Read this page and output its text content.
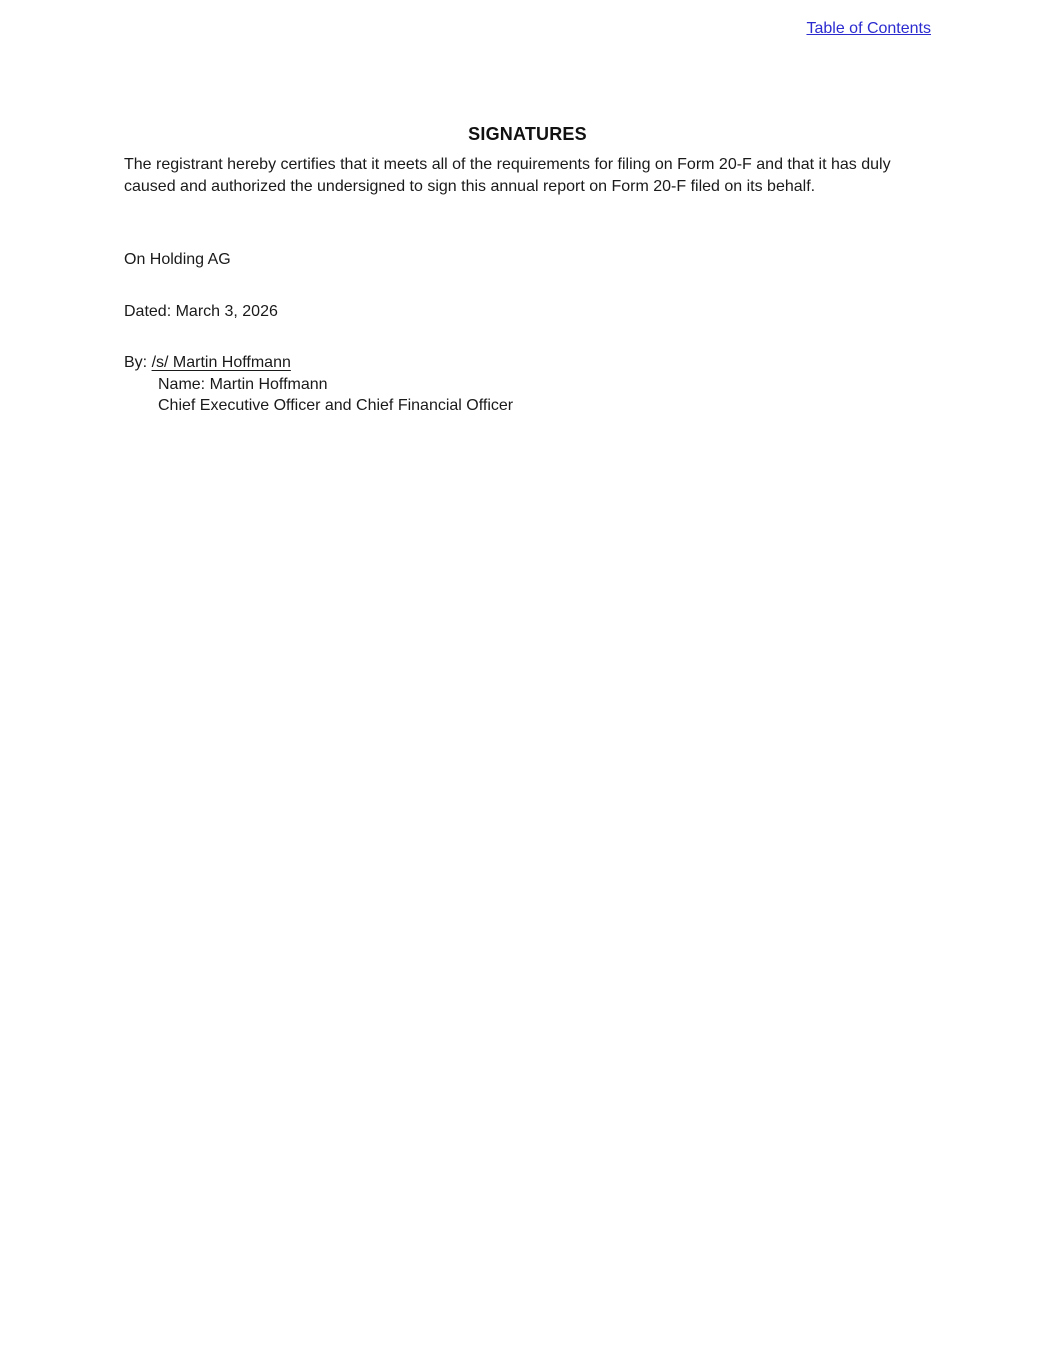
Table of Contents
SIGNATURES

The registrant hereby certifies that it meets all of the requirements for filing on Form 20-F and that it has duly caused and authorized the undersigned to sign this annual report on Form 20-F filed on its behalf.

On Holding AG
Dated: March 3, 2026
By: /s/ Martin Hoffmann
Name: Martin Hoffmann
Chief Executive Officer and Chief Financial Officer
